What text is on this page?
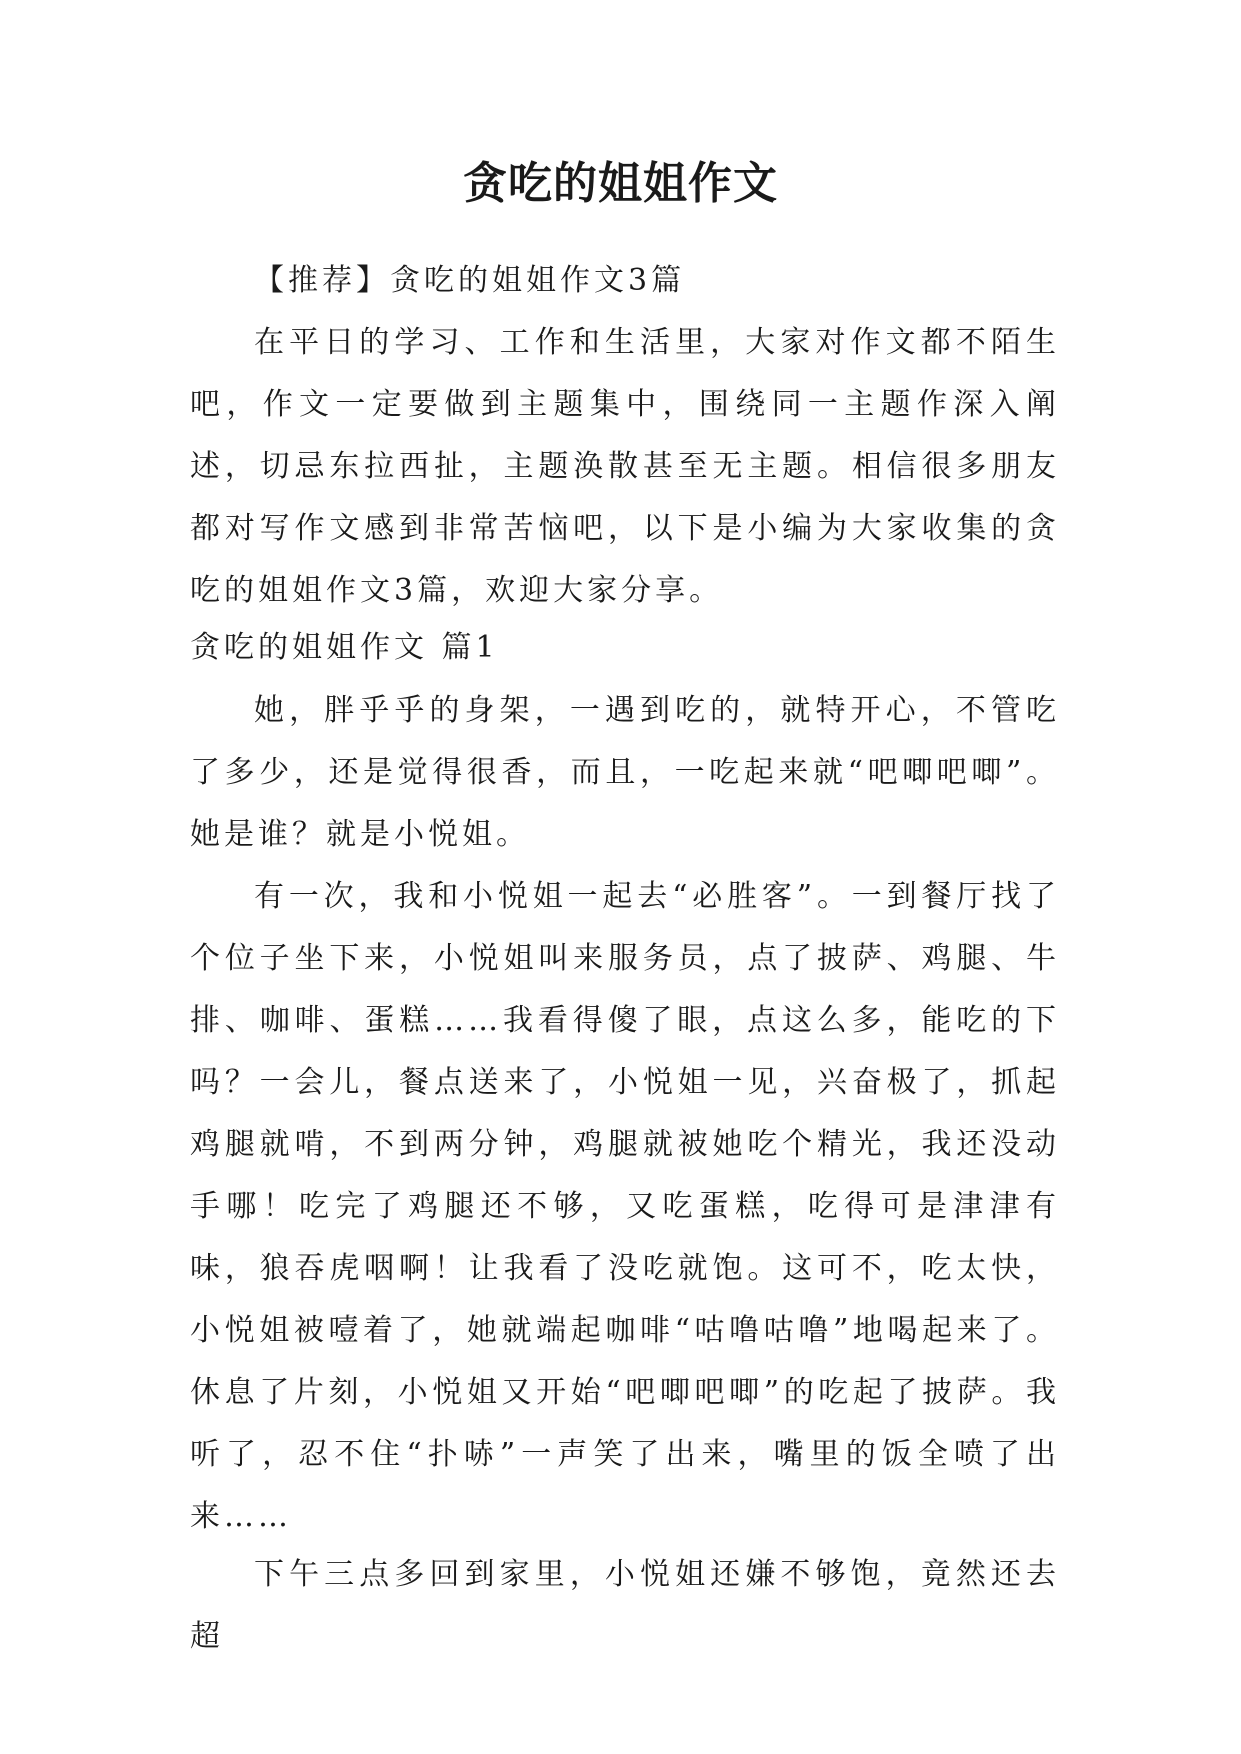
贪吃的姐姐作文

【推荐】贪吃的姐姐作文3篇

在平日的学习、工作和生活里，大家对作文都不陌生吧，作文一定要做到主题集中，围绕同一主题作深入阐述，切忌东拉西扯，主题涣散甚至无主题。相信很多朋友都对写作文感到非常苦恼吧，以下是小编为大家收集的贪吃的姐姐作文3篇，欢迎大家分享。

贪吃的姐姐作文 篇1

她，胖乎乎的身架，一遇到吃的，就特开心，不管吃了多少，还是觉得很香，而且，一吃起来就“吧唧吧唧”。她是谁？就是小悦姐。

有一次，我和小悦姐一起去“必胜客”。一到餐厅找了个位子坐下来，小悦姐叫来服务员，点了披萨、鸡腿、牛排、咖啡、蛋糕……我看得傻了眼，点这么多，能吃的下吗？一会儿，餐点送来了，小悦姐一见，兴奋极了，抓起鸡腿就啃，不到两分钟，鸡腿就被她吃个精光，我还没动手哪！吃完了鸡腿还不够，又吃蛋糕，吃得可是津津有味，狼吞虎咽啊！让我看了没吃就饱。这可不，吃太快，小悦姐被噎着了，她就端起咖啡“咕噜咕噜”地喝起来了。休息了片刻，小悦姐又开始“吧唧吧唧”的吃起了披萨。我听了，忍不住“扑哧”一声笑了出来，嘴里的饭全喷了出来……

下午三点多回到家里，小悦姐还嫌不够饱，竟然还去超
